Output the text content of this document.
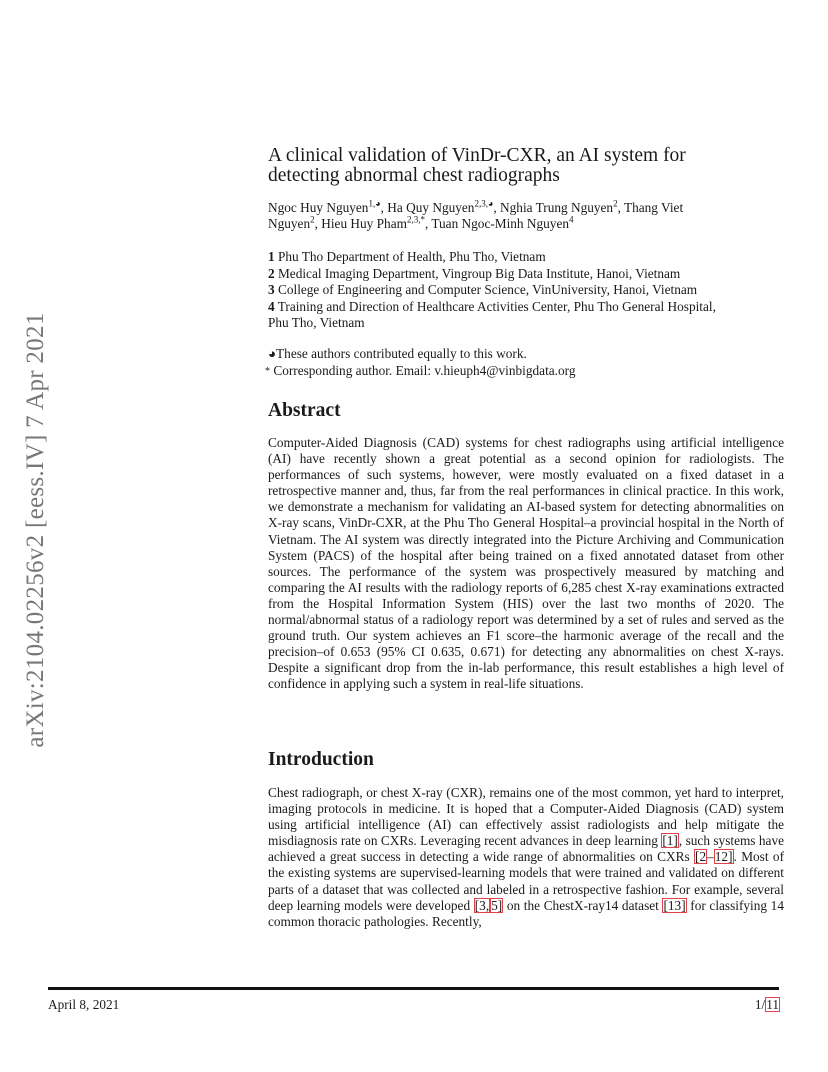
arXiv:2104.02256v2 [eess.IV] 7 Apr 2021
A clinical validation of VinDr-CXR, an AI system for
detecting abnormal chest radiographs
Ngoc Huy Nguyen$^{1,◕}$, Ha Quy Nguyen$^{2,3,◕}$, Nghia Trung Nguyen$^2$, Thang Viet
Nguyen$^2$, Hieu Huy Pham$^{2,3,*}$, Tuan Ngoc-Minh Nguyen$^4$
1 Phu Tho Department of Health, Phu Tho, Vietnam
2 Medical Imaging Department, Vingroup Big Data Institute, Hanoi, Vietnam
3 College of Engineering and Computer Science, VinUniversity, Hanoi, Vietnam
4 Training and Direction of Healthcare Activities Center, Phu Tho General Hospital,
Phu Tho, Vietnam
◕These authors contributed equally to this work.
* Corresponding author. Email: v.hieuph4@vinbigdata.org
Abstract

Computer-Aided Diagnosis (CAD) systems for chest radiographs using artificial intelligence (AI) have recently shown a great potential as a second opinion for radiologists. The performances of such systems, however, were mostly evaluated on a fixed dataset in a retrospective manner and, thus, far from the real performances in clinical practice. In this work, we demonstrate a mechanism for validating an AI-based system for detecting abnormalities on X-ray scans, VinDr-CXR, at the Phu Tho General Hospital–a provincial hospital in the North of Vietnam. The AI system was directly integrated into the Picture Archiving and Communication System (PACS) of the hospital after being trained on a fixed annotated dataset from other sources. The performance of the system was prospectively measured by matching and comparing the AI results with the radiology reports of 6,285 chest X-ray examinations extracted from the Hospital Information System (HIS) over the last two months of 2020. The normal/abnormal status of a radiology report was determined by a set of rules and served as the ground truth. Our system achieves an F1 score–the harmonic average of the recall and the precision–of 0.653 (95% CI 0.635, 0.671) for detecting any abnormalities on chest X-rays. Despite a significant drop from the in-lab performance, this result establishes a high level of confidence in applying such a system in real-life situations.

Introduction

Chest radiograph, or chest X-ray (CXR), remains one of the most common, yet hard to interpret, imaging protocols in medicine. It is hoped that a Computer-Aided Diagnosis (CAD) system using artificial intelligence (AI) can effectively assist radiologists and help mitigate the misdiagnosis rate on CXRs. Leveraging recent advances in deep learning [1], such systems have achieved a great success in detecting a wide range of abnormalities on CXRs [2–12]. Most of the existing systems are supervised-learning models that were trained and validated on different parts of a dataset that was collected and labeled in a retrospective fashion. For example, several deep learning models were developed [3, 5] on the ChestX-ray14 dataset [13] for classifying 14 common thoracic pathologies. Recently,

April 8, 2021	1/11
